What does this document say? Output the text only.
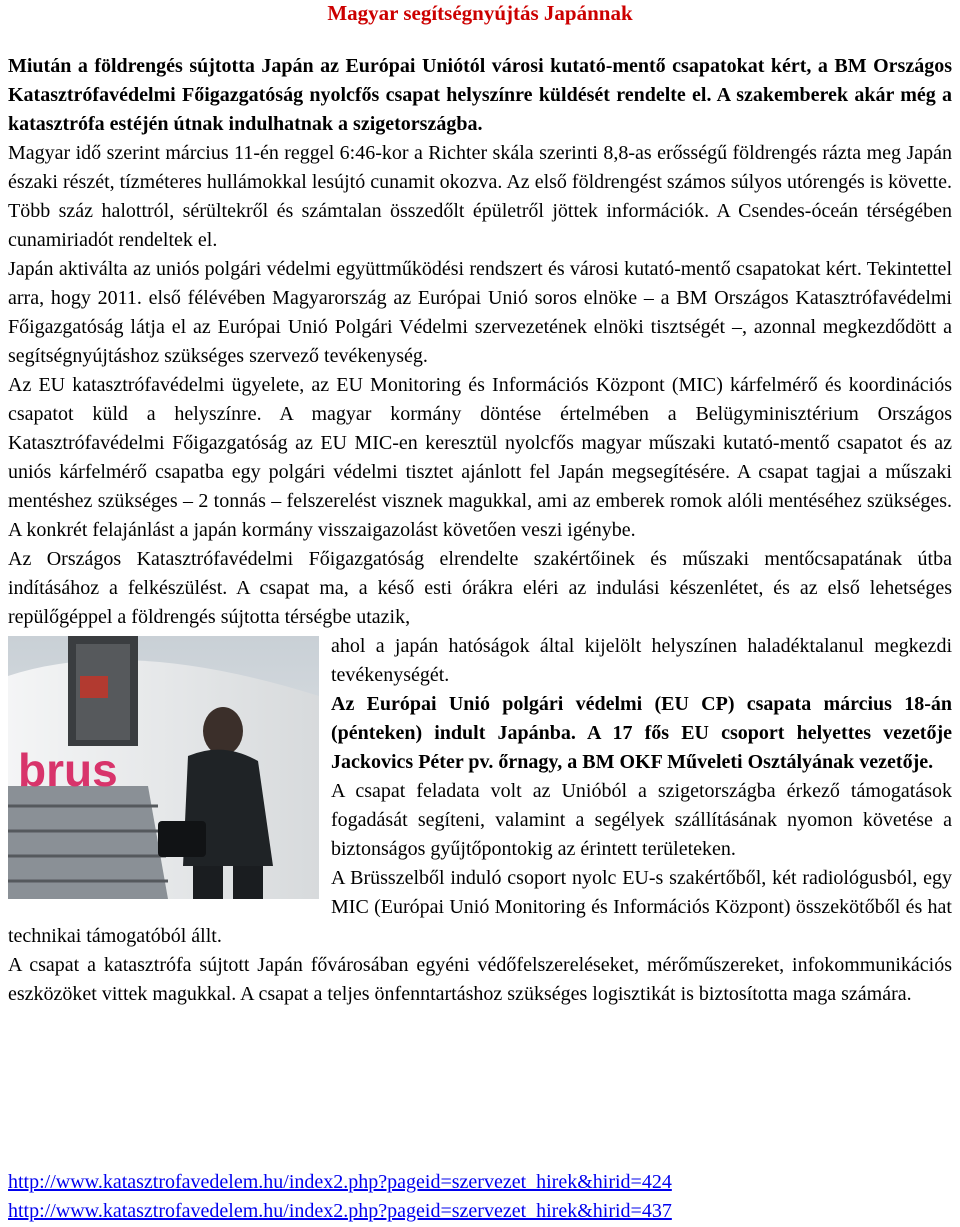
Magyar segítségnyújtás Japánnak

Miután a földrengés sújtotta Japán az Európai Uniótól városi kutató-mentő csapatokat kért, a BM Országos Katasztrófavédelmi Főigazgatóság nyolcfős csapat helyszínre küldését rendelte el. A szakemberek akár még a katasztrófa estéjén útnak indulhatnak a szigetországba.

Magyar idő szerint március 11-én reggel 6:46-kor a Richter skála szerinti 8,8-as erősségű földrengés rázta meg Japán északi részét, tízméteres hullámokkal lesújtó cunamit okozva. Az első földrengést számos súlyos utórengés is követte. Több száz halottról, sérültekről és számtalan összedőlt épületről jöttek információk. A Csendes-óceán térségében cunamiriadót rendeltek el.

Japán aktiválta az uniós polgári védelmi együttműködési rendszert és városi kutató-mentő csapatokat kért. Tekintettel arra, hogy 2011. első félévében Magyarország az Európai Unió soros elnöke – a BM Országos Katasztrófavédelmi Főigazgatóság látja el az Európai Unió Polgári Védelmi szervezetének elnöki tisztségét –, azonnal megkezdődött a segítségnyújtáshoz szükséges szervező tevékenység.

Az EU katasztrófavédelmi ügyelete, az EU Monitoring és Információs Központ (MIC) kárfelmérő és koordinációs csapatot küld a helyszínre. A magyar kormány döntése értelmében a Belügyminisztérium Országos Katasztrófavédelmi Főigazgatóság az EU MIC-en keresztül nyolcfős magyar műszaki kutató-mentő csapatot és az uniós kárfelmérő csapatba egy polgári védelmi tisztet ajánlott fel Japán megsegítésére. A csapat tagjai a műszaki mentéshez szükséges – 2 tonnás – felszerelést visznek magukkal, ami az emberek romok alóli mentéséhez szükséges. A konkrét felajánlást a japán kormány visszaigazolást követően veszi igénybe.

Az Országos Katasztrófavédelmi Főigazgatóság elrendelte szakértőinek és műszaki mentőcsapatának útba indításához a felkészülést. A csapat ma, a késő esti órákra eléri az indulási készenlétet, és az első lehetséges repülőgéppel a földrengés sújtotta térségbe utazik,

brus

ahol a japán hatóságok által kijelölt helyszínen haladéktalanul megkezdi tevékenységét.

Az Európai Unió polgári védelmi (EU CP) csapata március 18-án (pénteken) indult Japánba. A 17 fős EU csoport helyettes vezetője Jackovics Péter pv. őrnagy, a BM OKF Műveleti Osztályának vezetője.

A csapat feladata volt az Unióból a szigetországba érkező támogatások fogadását segíteni, valamint a segélyek szállításának nyomon követése a biztonságos gyűjtőpontokig az érintett területeken.

A Brüsszelből induló csoport nyolc EU-s szakértőből, két radiológusból, egy MIC (Európai Unió Monitoring és Információs Központ) összekötőből és hat technikai támogatóból állt.

A csapat a katasztrófa sújtott Japán fővárosában egyéni védőfelszereléseket, mérőműszereket, infokommunikációs eszközöket vittek magukkal. A csapat a teljes önfenntartáshoz szükséges logisztikát is biztosította maga számára.

http://www.katasztrofavedelem.hu/index2.php?pageid=szervezet_hirek&hirid=424
http://www.katasztrofavedelem.hu/index2.php?pageid=szervezet_hirek&hirid=437
